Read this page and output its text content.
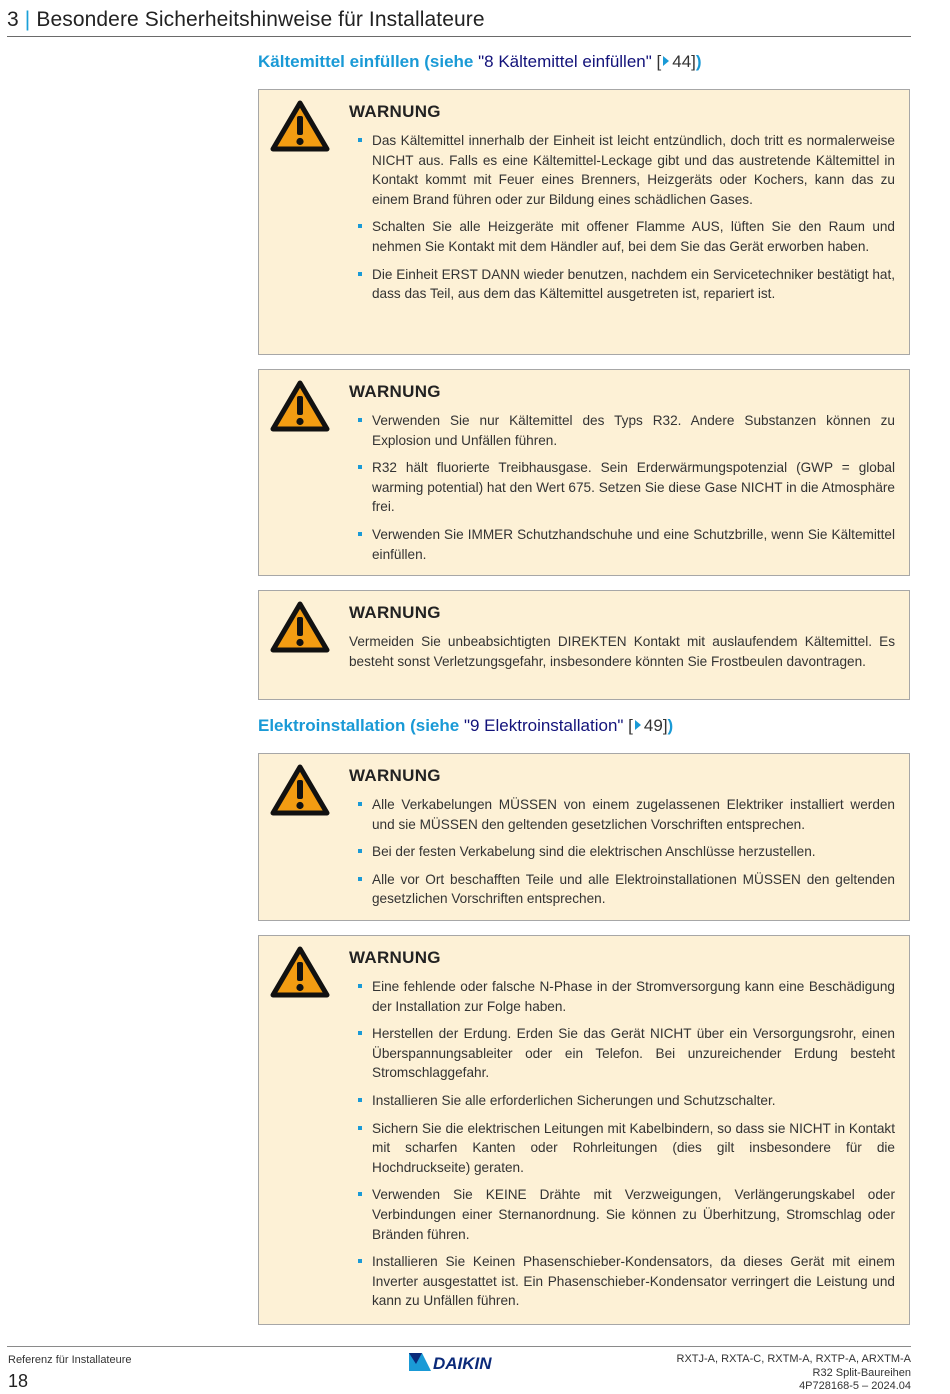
3 | Besondere Sicherheitshinweise für Installateure
Kältemittel einfüllen (siehe "8 Kältemittel einfüllen" [ 44])
WARNUNG
Das Kältemittel innerhalb der Einheit ist leicht entzündlich, doch tritt es normalerweise NICHT aus. Falls es eine Kältemittel-Leckage gibt und das austretende Kältemittel in Kontakt kommt mit Feuer eines Brenners, Heizgeräts oder Kochers, kann das zu einem Brand führen oder zur Bildung eines schädlichen Gases.
Schalten Sie alle Heizgeräte mit offener Flamme AUS, lüften Sie den Raum und nehmen Sie Kontakt mit dem Händler auf, bei dem Sie das Gerät erworben haben.
Die Einheit ERST DANN wieder benutzen, nachdem ein Servicetechniker bestätigt hat, dass das Teil, aus dem das Kältemittel ausgetreten ist, repariert ist.
WARNUNG
Verwenden Sie nur Kältemittel des Typs R32. Andere Substanzen können zu Explosion und Unfällen führen.
R32 hält fluorierte Treibhausgase. Sein Erderwärmungspotenzial (GWP = global warming potential) hat den Wert 675. Setzen Sie diese Gase NICHT in die Atmosphäre frei.
Verwenden Sie IMMER Schutzhandschuhe und eine Schutzbrille, wenn Sie Kältemittel einfüllen.
WARNUNG
Vermeiden Sie unbeabsichtigten DIREKTEN Kontakt mit auslaufendem Kältemittel. Es besteht sonst Verletzungsgefahr, insbesondere könnten Sie Frostbeulen davontragen.
Elektroinstallation (siehe "9 Elektroinstallation" [ 49])
WARNUNG
Alle Verkabelungen MÜSSEN von einem zugelassenen Elektriker installiert werden und sie MÜSSEN den geltenden gesetzlichen Vorschriften entsprechen.
Bei der festen Verkabelung sind die elektrischen Anschlüsse herzustellen.
Alle vor Ort beschafften Teile und alle Elektroinstallationen MÜSSEN den geltenden gesetzlichen Vorschriften entsprechen.
WARNUNG
Eine fehlende oder falsche N-Phase in der Stromversorgung kann eine Beschädigung der Installation zur Folge haben.
Herstellen der Erdung. Erden Sie das Gerät NICHT über ein Versorgungsrohr, einen Überspannungsableiter oder ein Telefon. Bei unzureichender Erdung besteht Stromschlaggefahr.
Installieren Sie alle erforderlichen Sicherungen und Schutzschalter.
Sichern Sie die elektrischen Leitungen mit Kabelbindern, so dass sie NICHT in Kontakt mit scharfen Kanten oder Rohrleitungen (dies gilt insbesondere für die Hochdruckseite) geraten.
Verwenden Sie KEINE Drähte mit Verzweigungen, Verlängerungskabel oder Verbindungen einer Sternanordnung. Sie können zu Überhitzung, Stromschlag oder Bränden führen.
Installieren Sie Keinen Phasenschieber-Kondensators, da dieses Gerät mit einem Inverter ausgestattet ist. Ein Phasenschieber-Kondensator verringert die Leistung und kann zu Unfällen führen.
Referenz für Installateure
18
DAIKIN	RXTJ-A, RXTA-C, RXTM-A, RXTP-A, ARXTM-A
R32 Split-Baureihen
4P728168-5 – 2024.04
